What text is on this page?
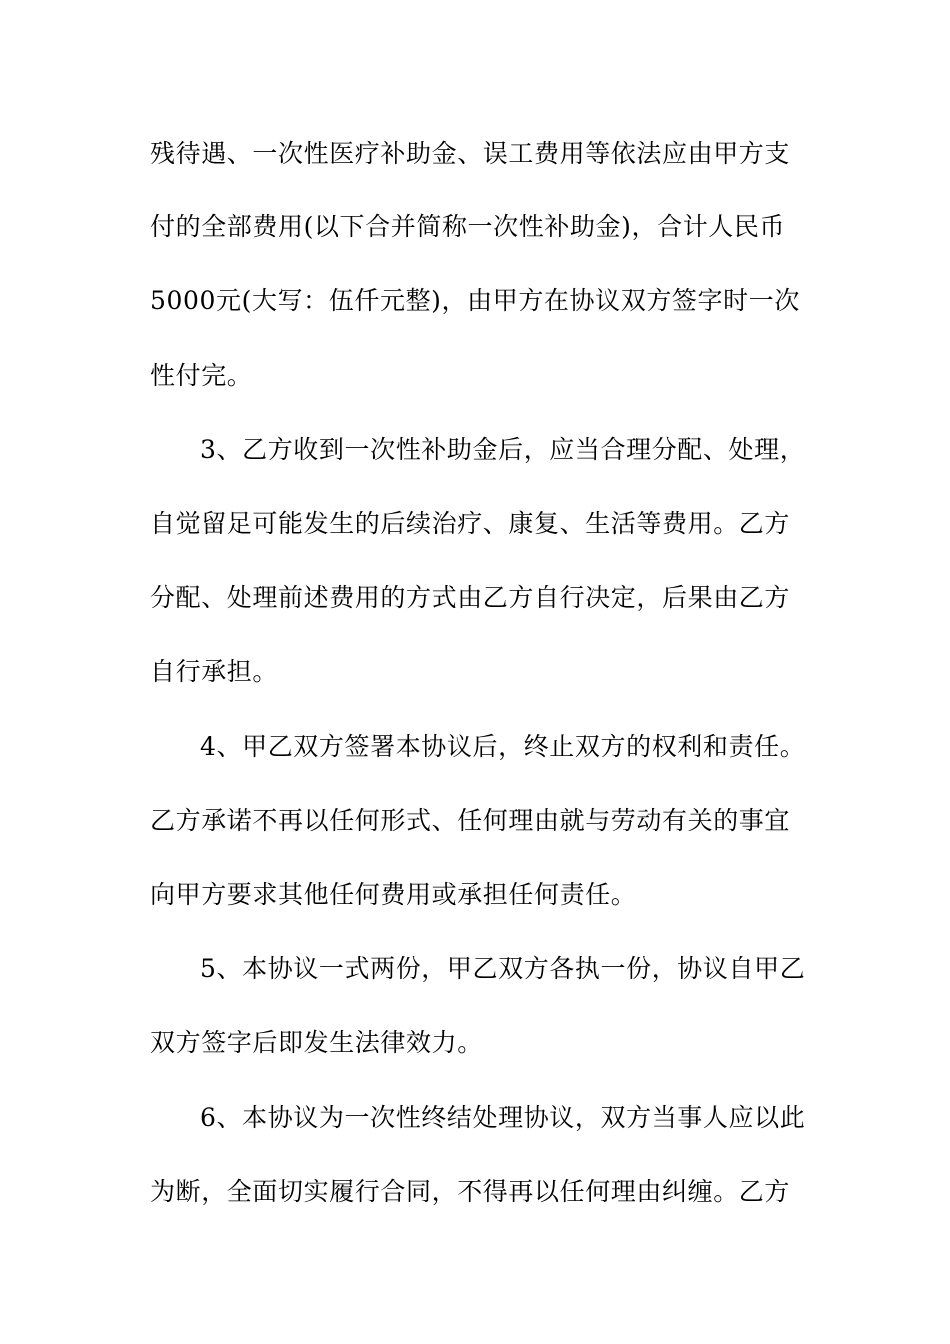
残待遇、一次性医疗补助金、误工费用等依法应由甲方支
付的全部费用(以下合并简称一次性补助金)，合计人民币
5000元(大写：伍仟元整)，由甲方在协议双方签字时一次
性付完。
3、乙方收到一次性补助金后，应当合理分配、处理，
自觉留足可能发生的后续治疗、康复、生活等费用。乙方
分配、处理前述费用的方式由乙方自行决定，后果由乙方
自行承担。
4、甲乙双方签署本协议后，终止双方的权利和责任。
乙方承诺不再以任何形式、任何理由就与劳动有关的事宜
向甲方要求其他任何费用或承担任何责任。
5、本协议一式两份，甲乙双方各执一份，协议自甲乙
双方签字后即发生法律效力。
6、本协议为一次性终结处理协议，双方当事人应以此
为断，全面切实履行合同，不得再以任何理由纠缠。乙方
